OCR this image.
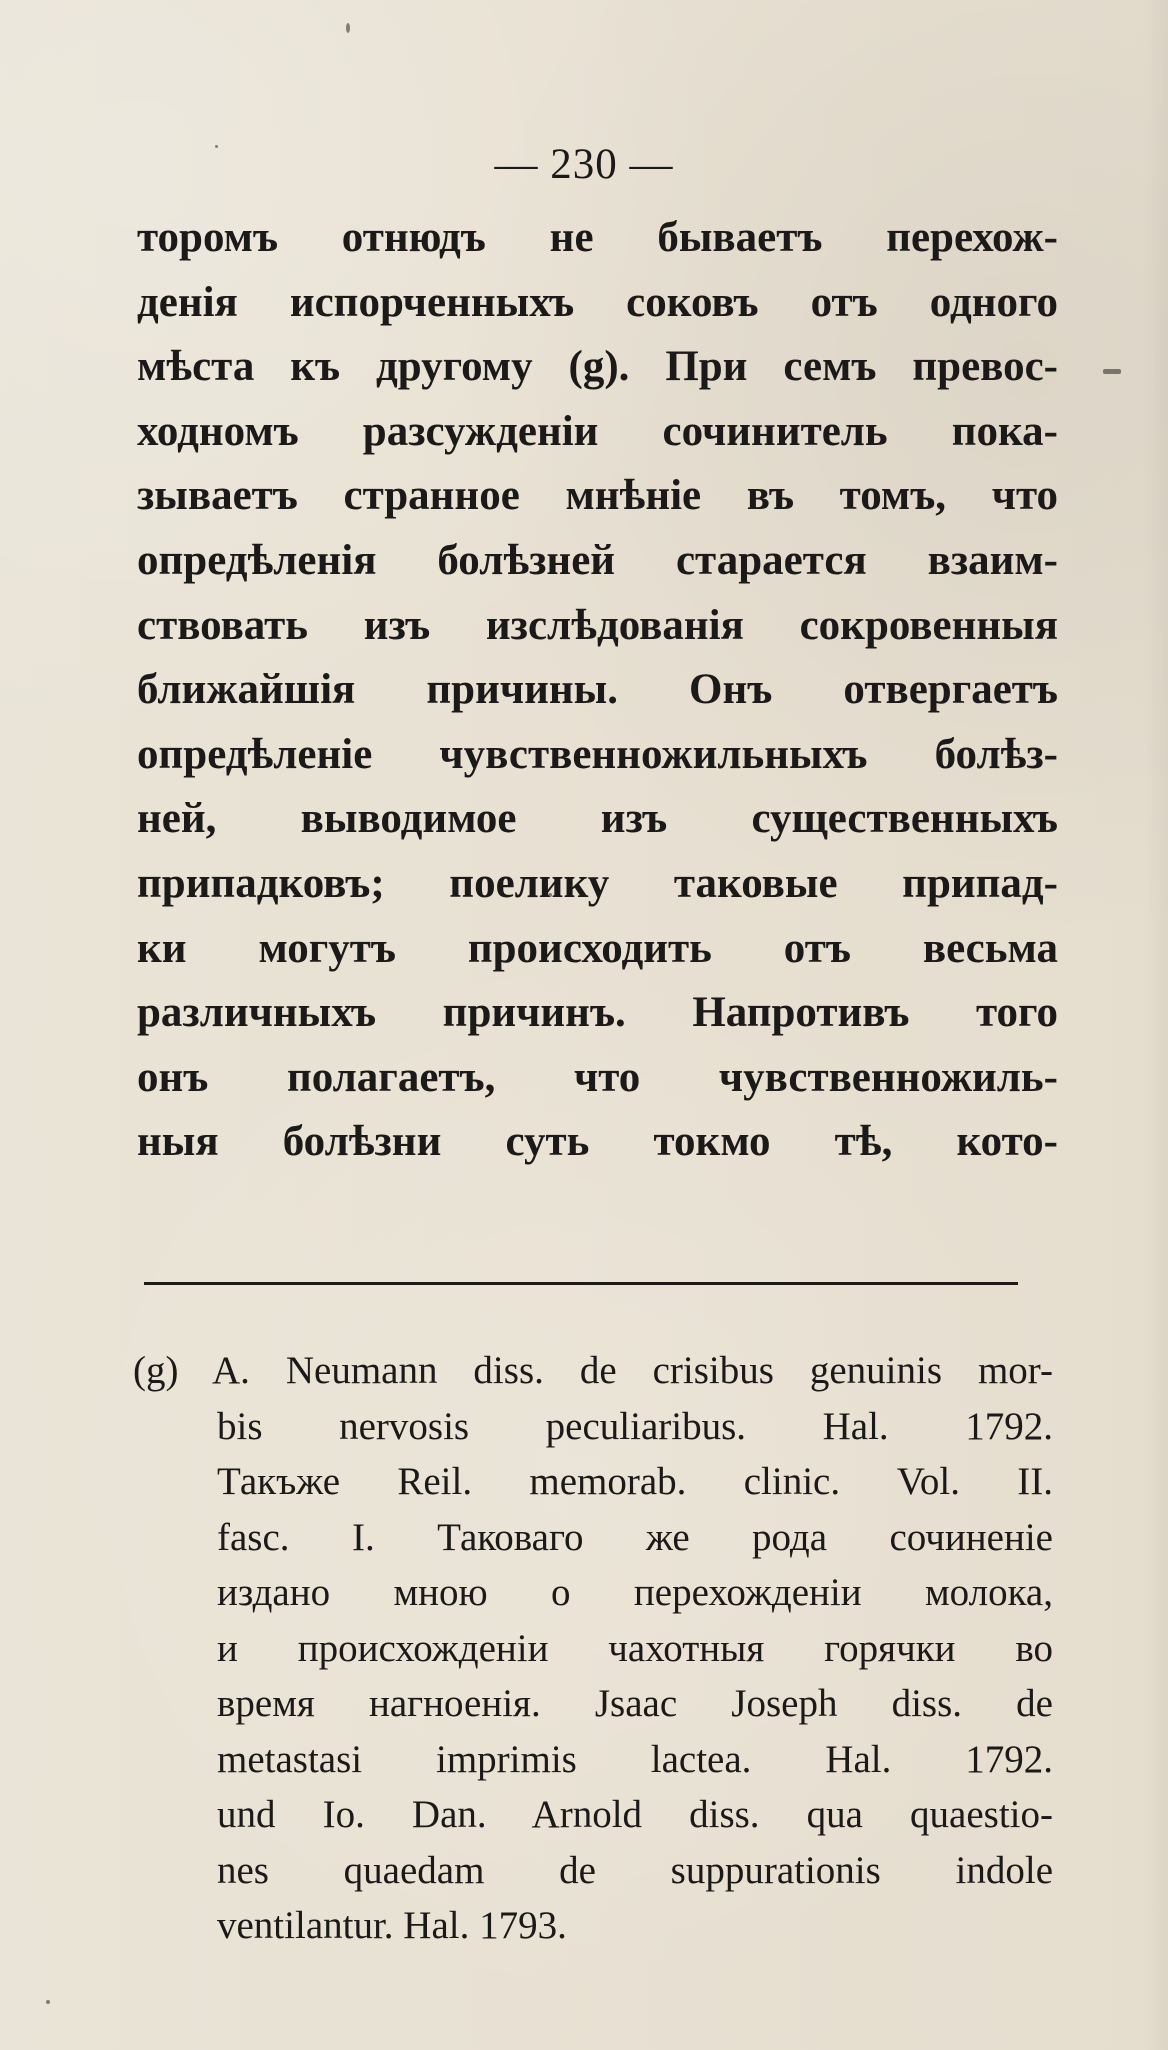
— 230 —
торомъ отнюдъ не бываетъ перехож-
денія испорченныхъ соковъ отъ одного
мѣста къ другому (g). При семъ превос-
ходномъ разсужденіи сочинитель пока-
зываетъ странное мнѣніе въ томъ, что
опредѣленія болѣзней старается взаим-
ствовать изъ изслѣдованія сокровенныя
ближайшія причины. Онъ отвергаетъ
опредѣленіе чувственножильныхъ болѣз-
ней, выводимое изъ существенныхъ
припадковъ; поелику таковые припад-
ки могутъ происходить отъ весьма
различныхъ причинъ. Напротивъ того
онъ полагаетъ, что чувственножиль-
ныя болѣзни суть токмо тѣ, кото-
(g) A. Neumann diss. de crisibus genuinis mor-
bis nervosis peculiaribus. Hal. 1792.
Такъже Reil. memorab. clinic. Vol. II.
fasc. I. Таковаго же рода сочиненіе
издано мною о перехожденіи молока,
и происхожденіи чахотныя горячки во
время нагноенія. Jsaac Joseph diss. de
metastasi imprimis lactea. Hal. 1792.
und Io. Dan. Arnold diss. qua quaestio-
nes quaedam de suppurationis indole
ventilantur. Hal. 1793.
